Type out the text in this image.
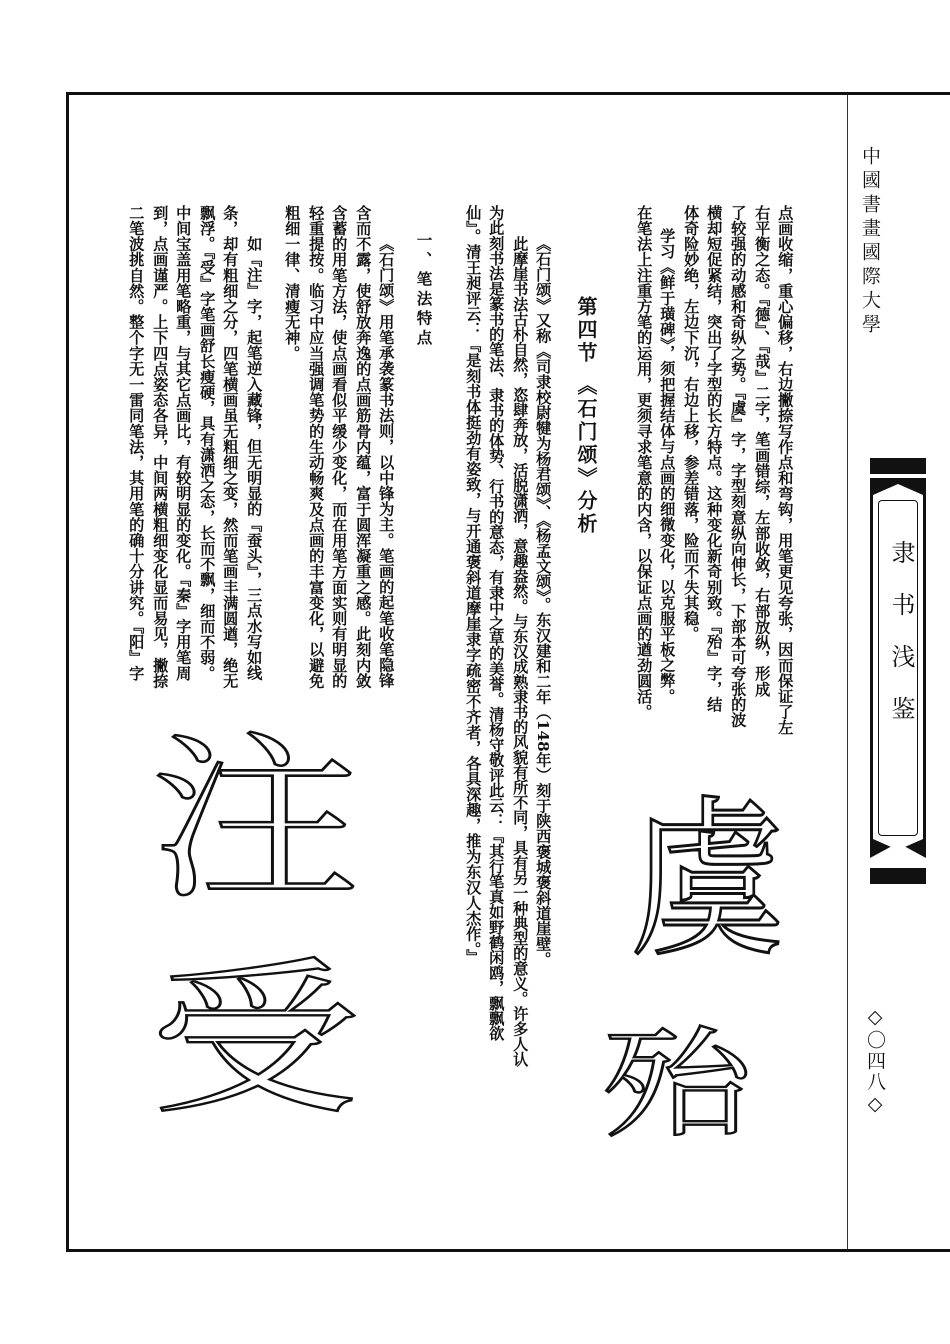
中國書畫國際大學
隶书浅鉴
◇〇四八◇
在笔法上注重方笔的运用，更须寻求笔意的内含，以保证点画的遒劲圆活。 学习《鲜于璜碑》，须把握结体与点画的细微变化，以克服平板之弊。 体奇险妙绝，左边下沉，右边上移，参差错落，险而不失其稳。 横却短促紧结，突出了字型的长方特点。这种变化新奇别致。『殆』字，结 了较强的动感和奇纵之势。『虞』字，字型刻意纵向伸长，下部本可夸张的波 右平衡之态。『德』、『哉』二字，笔画错综，左部收敛，右部放纵，形成 点画收缩，重心偏移，右边撇捺写作点和弯钩，用笔更见夸张，因而保证了左
第四节 《石门颂》分析
《石门颂》又称《司隶校尉犍为杨君颂》、《杨孟文颂》。东汉建和二年（148年）刻于陕西褒城褒斜道崖壁。
此摩崖书法古朴自然，恣肆奔放，活脱潇洒，意趣盎然。与东汉成熟隶书的风貌有所不同，具有另一种典型的意义。许多人认
为此刻书法是篆书的笔法、隶书的体势、行书的意态，有隶中之草的美誉。清杨守敬评此云：『其行笔真如野鹤闲鸥，飘飘欲
仙』。清王昶评云：『是刻书体挺劲有姿致，与开通褒斜道摩崖隶字疏密不齐者，各具深趣，推为东汉人杰作。』
一、笔法特点
《石门颂》用笔承袭篆书法则，以中锋为主。笔画的起笔收笔隐锋
含而不露，使舒放奔逸的点画筋骨内蕴，富于圆浑凝重之感。此刻内敛
含蓄的用笔方法，使点画看似平缓少变化，而在用笔方面实则有明显的
轻重提按。临习中应当强调笔势的生动畅爽及点画的丰富变化，以避免
粗细一律、清瘦无神。
如『注』字，起笔逆入藏锋，但无明显的『蚕头』，三点水写如线
条，却有粗细之分，四笔横画虽无粗细之变，然而笔画丰满圆遒，绝无
飘浮。『受』字笔画舒长瘦硬，具有潇洒之态，长而不飘，细而不弱。
中间宝盖用笔略重，与其它点画比，有较明显的变化。『秦』字用笔周
到，点画谨严。上下四点姿态各异，中间两横粗细变化显而易见，撇捺
二笔波挑自然。整个字无一雷同笔法，其用笔的确十分讲究。『阳』字
虞
殆
注
受
